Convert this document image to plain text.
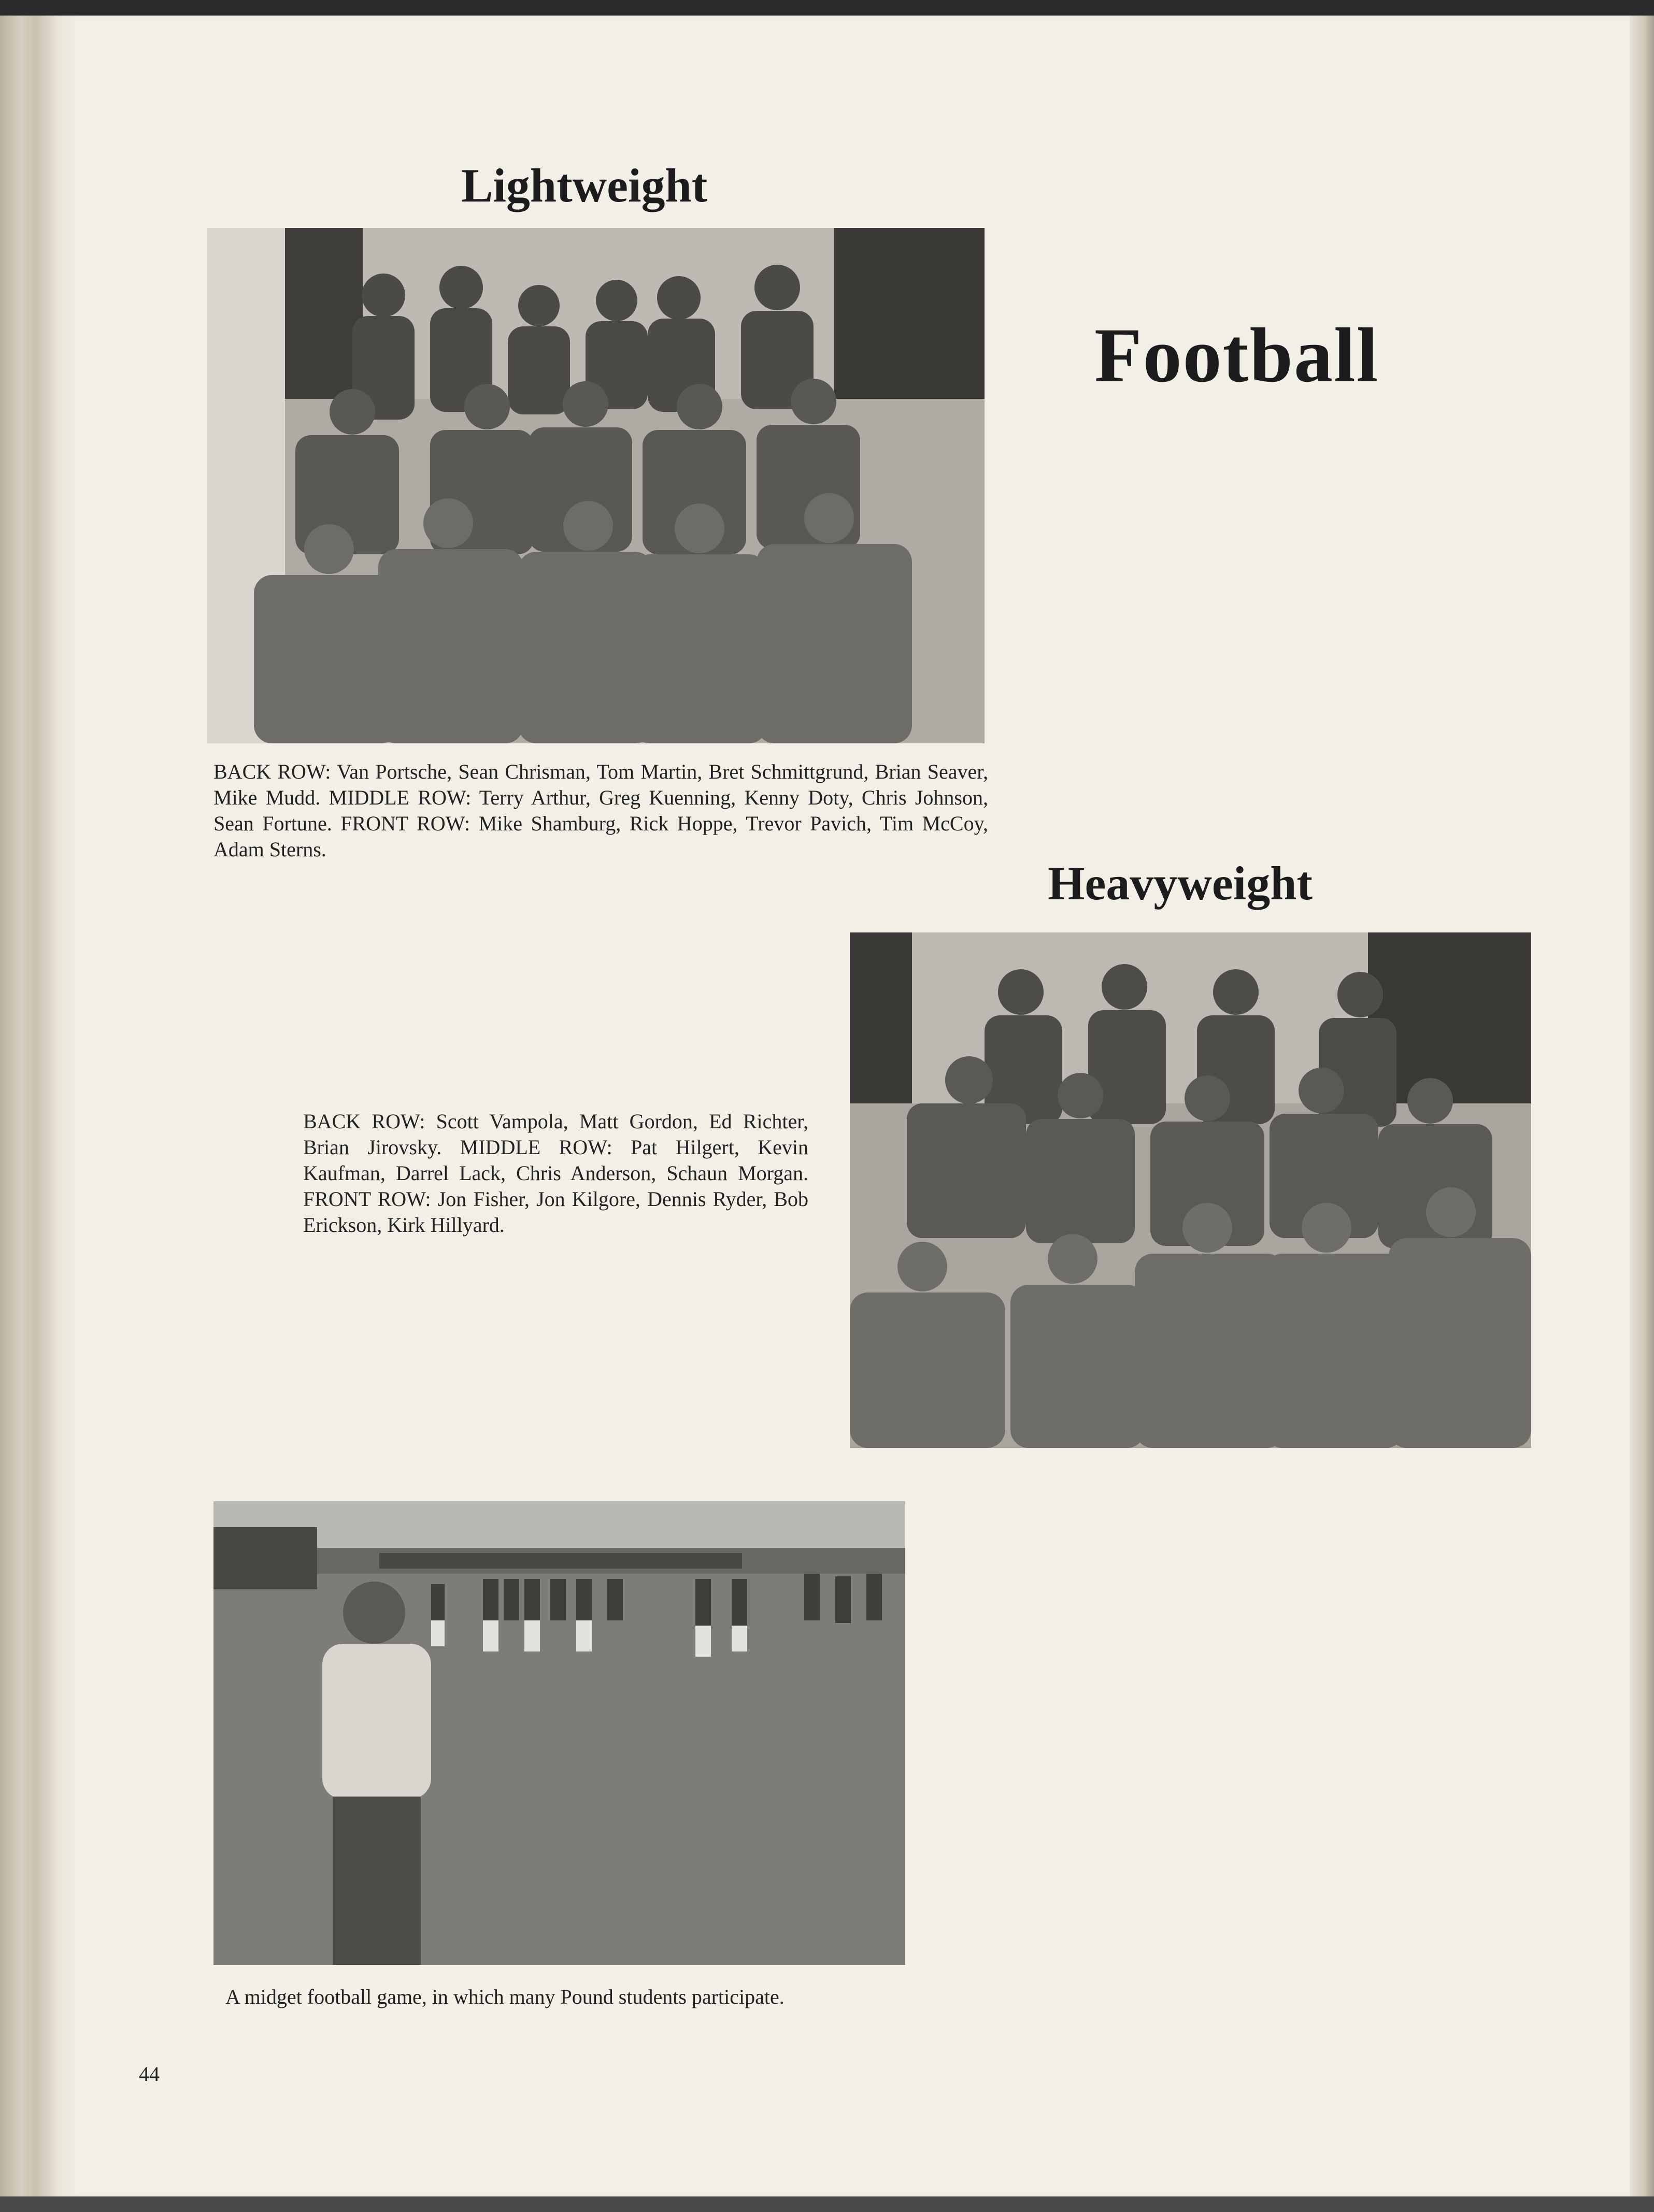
Lightweight
Football
Heavyweight
BACK ROW: Van Portsche, Sean Chrisman, Tom Martin, Bret Schmittgrund, Brian Seaver, Mike Mudd. MIDDLE ROW: Terry Arthur, Greg Kuenning, Kenny Doty, Chris Johnson, Sean Fortune. FRONT ROW: Mike Shamburg, Rick Hoppe, Trevor Pavich, Tim McCoy, Adam Sterns.
BACK ROW: Scott Vampola, Matt Gordon, Ed Richter, Brian Jirovsky. MIDDLE ROW: Pat Hilgert, Kevin Kaufman, Darrel Lack, Chris Anderson, Schaun Morgan. FRONT ROW: Jon Fisher, Jon Kilgore, Dennis Ryder, Bob Erickson, Kirk Hillyard.
A midget football game, in which many Pound students participate.
44
